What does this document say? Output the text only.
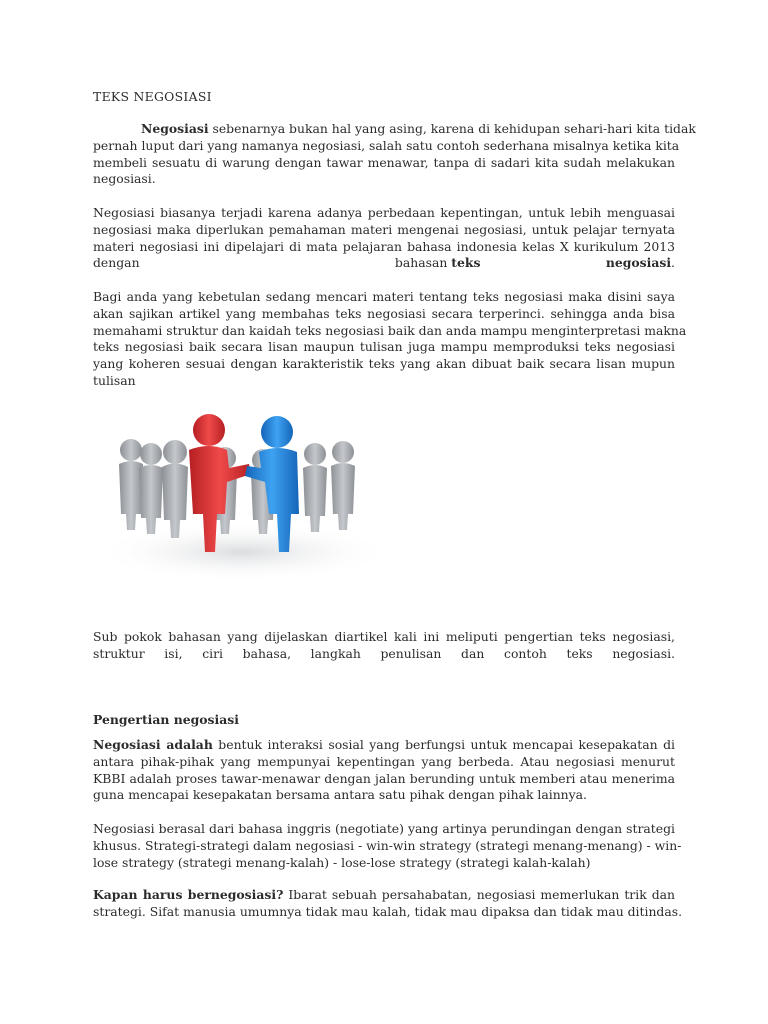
TEKS NEGOSIASI
Negosiasi sebenarnya bukan hal yang asing, karena di kehidupan sehari-hari kita tidak
pernah luput dari yang namanya negosiasi, salah satu contoh sederhana misalnya ketika kita
membeli sesuatu di warung dengan tawar menawar, tanpa di sadari kita sudah melakukan
negosiasi.
Negosiasi biasanya terjadi karena adanya perbedaan kepentingan, untuk lebih menguasai
negosiasi maka diperlukan pemahaman materi mengenai negosiasi, untuk pelajar ternyata
materi negosiasi ini dipelajari di mata pelajaran bahasa indonesia kelas X kurikulum 2013
dengan	bahasan teks	negosiasi.
Bagi anda yang kebetulan sedang mencari materi tentang teks negosiasi maka disini saya
akan sajikan artikel yang membahas teks negosiasi secara terperinci. sehingga anda bisa
memahami struktur dan kaidah teks negosiasi baik dan anda mampu menginterpretasi makna
teks negosiasi baik secara lisan maupun tulisan juga mampu memproduksi teks negosiasi
yang koheren sesuai dengan karakteristik teks yang akan dibuat baik secara lisan mupun
tulisan
Sub pokok bahasan yang dijelaskan diartikel kali ini meliputi pengertian teks negosiasi,
struktur isi, ciri bahasa, langkah penulisan dan contoh teks negosiasi.
Pengertian negosiasi
Negosiasi adalah bentuk interaksi sosial yang berfungsi untuk mencapai kesepakatan di
antara pihak-pihak yang mempunyai kepentingan yang berbeda. Atau negosiasi menurut
KBBI adalah proses tawar-menawar dengan jalan berunding untuk memberi atau menerima
guna mencapai kesepakatan bersama antara satu pihak dengan pihak lainnya.
Negosiasi berasal dari bahasa inggris (negotiate) yang artinya perundingan dengan strategi
khusus. Strategi-strategi dalam negosiasi - win-win strategy (strategi menang-menang) - win-
lose strategy (strategi menang-kalah) - lose-lose strategy (strategi kalah-kalah)
Kapan harus bernegosiasi? Ibarat sebuah persahabatan, negosiasi memerlukan trik dan
strategi. Sifat manusia umumnya tidak mau kalah, tidak mau dipaksa dan tidak mau ditindas.
